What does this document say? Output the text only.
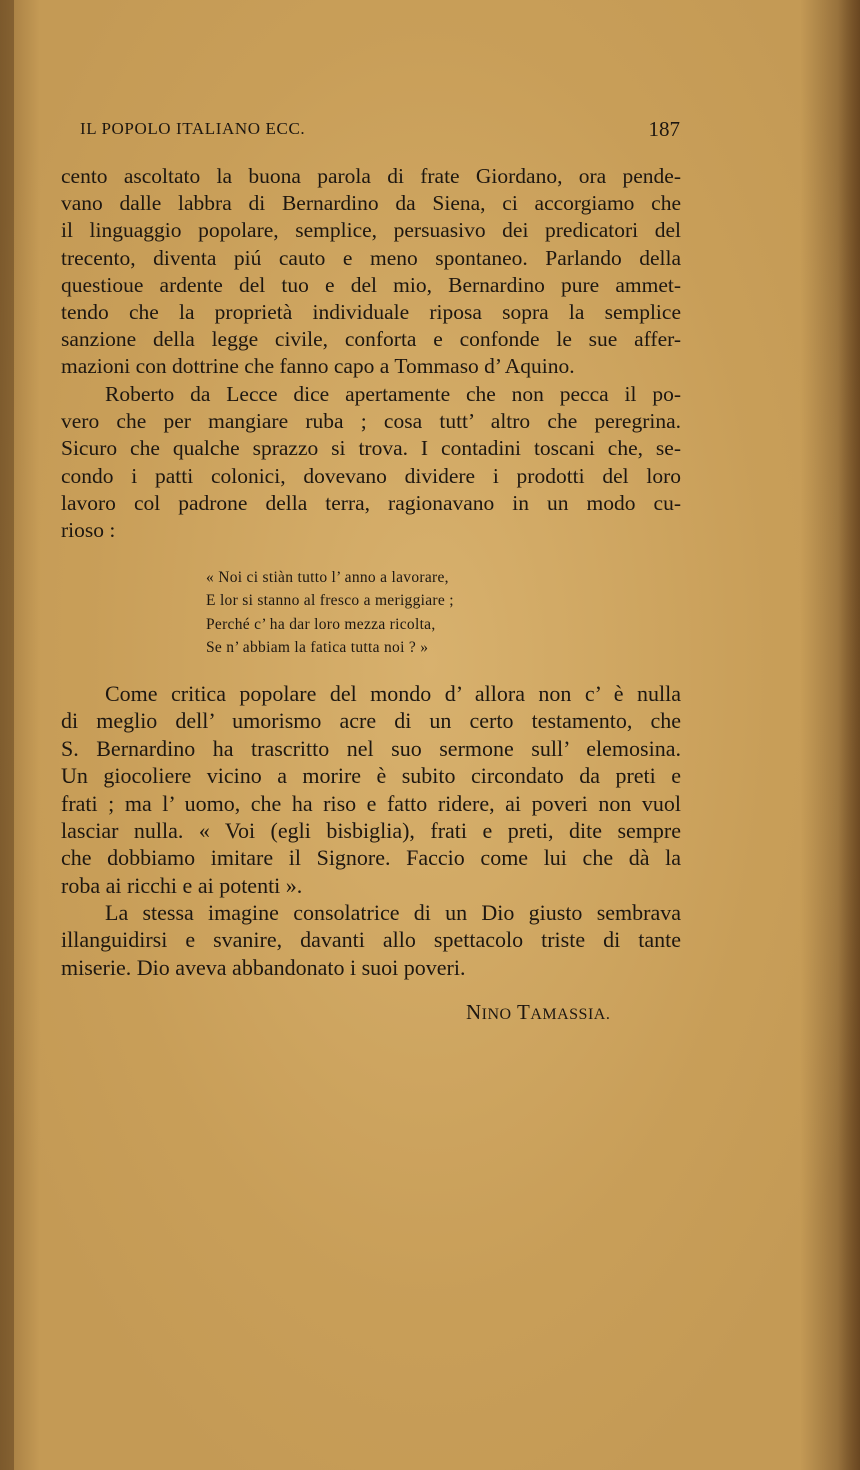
IL POPOLO ITALIANO ECC.	187
cento ascoltato la buona parola di frate Giordano, ora pende-
vano dalle labbra di Bernardino da Siena, ci accorgiamo che
il linguaggio popolare, semplice, persuasivo dei predicatori del
trecento, diventa piú cauto e meno spontaneo. Parlando della
questioue ardente del tuo e del mio, Bernardino pure ammet-
tendo che la proprietà individuale riposa sopra la semplice
sanzione della legge civile, conforta e confonde le sue affer-
mazioni con dottrine che fanno capo a Tommaso d’ Aquino.
Roberto da Lecce dice apertamente che non pecca il po-
vero che per mangiare ruba ; cosa tutt’ altro che peregrina.
Sicuro che qualche sprazzo si trova. I contadini toscani che, se-
condo i patti colonici, dovevano dividere i prodotti del loro
lavoro col padrone della terra, ragionavano in un modo cu-
rioso :
« Noi ci stiàn tutto l’ anno a lavorare,
E lor si stanno al fresco a meriggiare ;
Perché c’ ha dar loro mezza ricolta,
Se n’ abbiam la fatica tutta noi ? »
Come critica popolare del mondo d’ allora non c’ è nulla
di meglio dell’ umorismo acre di un certo testamento, che
S. Bernardino ha trascritto nel suo sermone sull’ elemosina.
Un giocoliere vicino a morire è subito circondato da preti e
frati ; ma l’ uomo, che ha riso e fatto ridere, ai poveri non vuol
lasciar nulla. « Voi (egli bisbiglia), frati e preti, dite sempre
che dobbiamo imitare il Signore. Faccio come lui che dà la
roba ai ricchi e ai potenti ».
La stessa imagine consolatrice di un Dio giusto sembrava
illanguidirsi e svanire, davanti allo spettacolo triste di tante
miserie. Dio aveva abbandonato i suoi poveri.
NINO TAMASSIA.
